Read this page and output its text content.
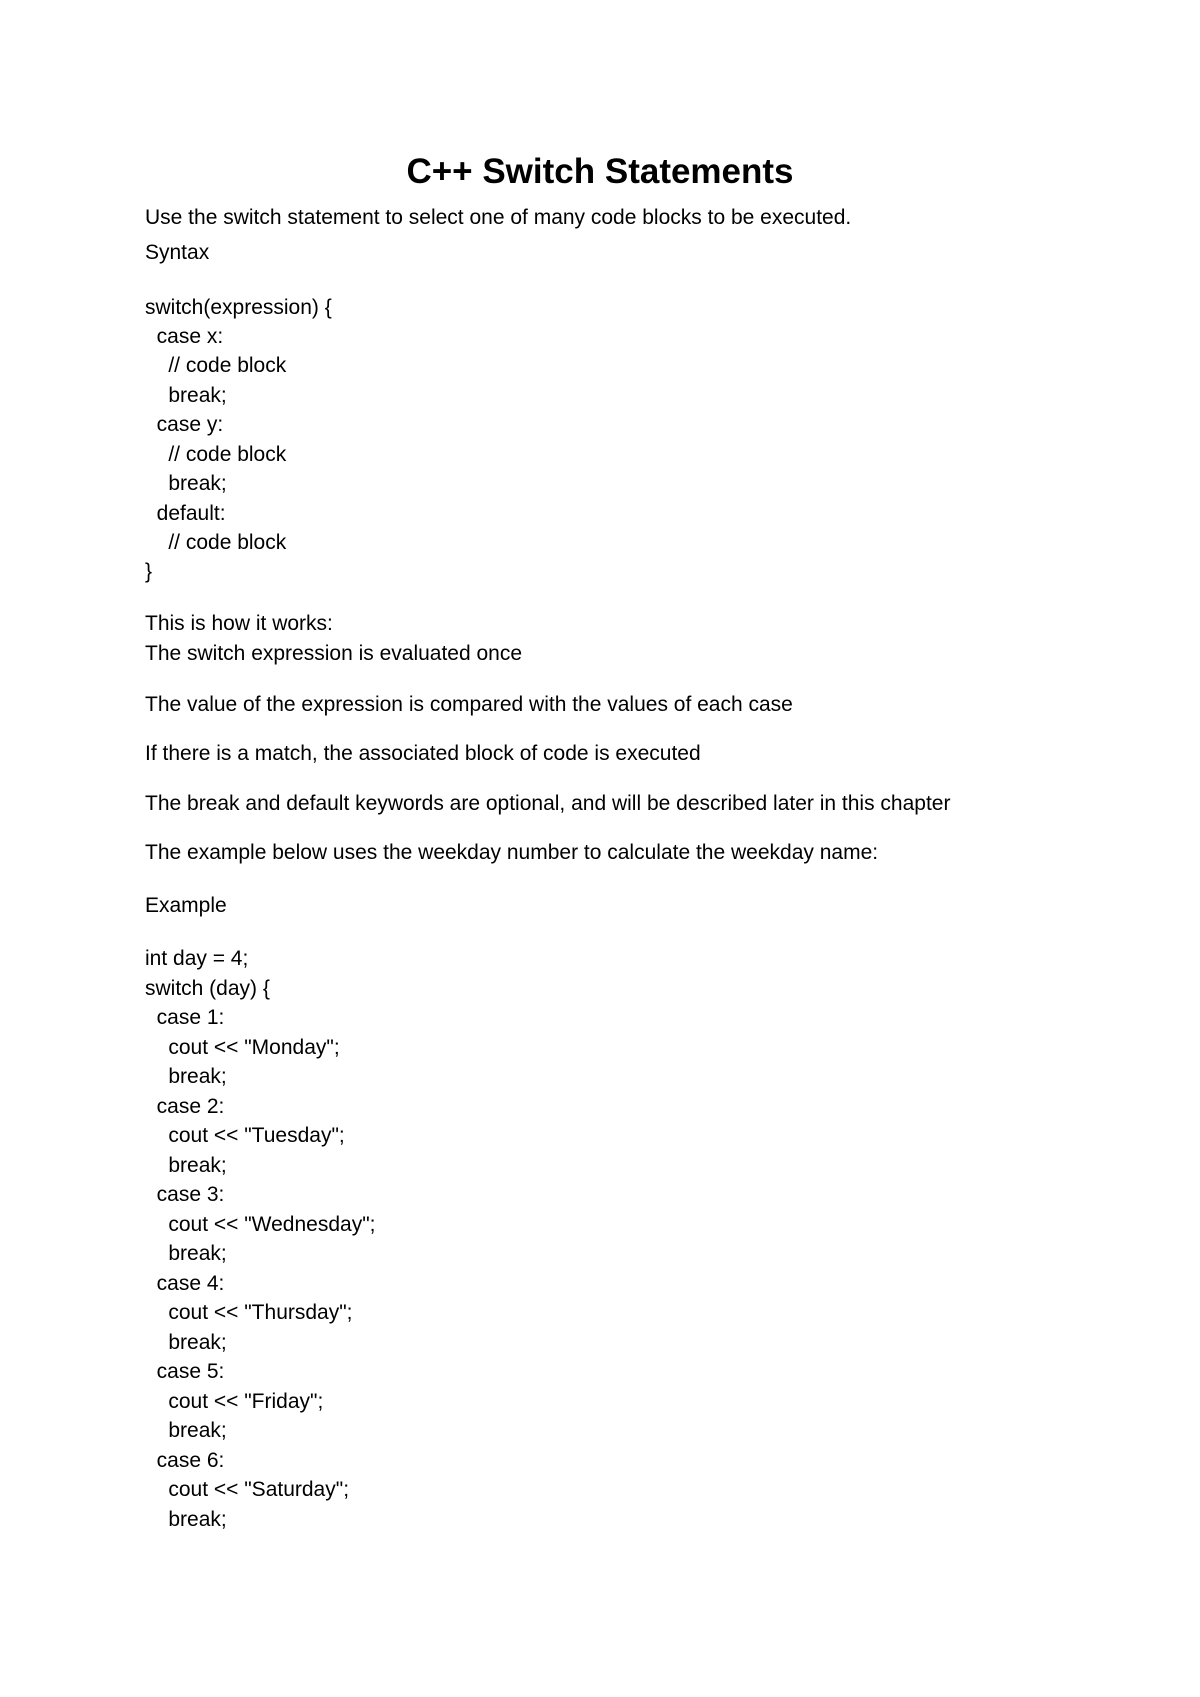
C++ Switch Statements

Use the switch statement to select one of many code blocks to be executed.

Syntax

switch(expression) {

case x:

// code block

break;

case y:

// code block

break;

default:

// code block

}

This is how it works:

The switch expression is evaluated once

The value of the expression is compared with the values of each case

If there is a match, the associated block of code is executed

The break and default keywords are optional, and will be described later in this chapter

The example below uses the weekday number to calculate the weekday name:

Example

int day = 4;

switch (day) {

case 1:

cout << "Monday";

break;

case 2:

cout << "Tuesday";

break;

case 3:

cout << "Wednesday";

break;

case 4:

cout << "Thursday";

break;

case 5:

cout << "Friday";

break;

case 6:

cout << "Saturday";

break;
